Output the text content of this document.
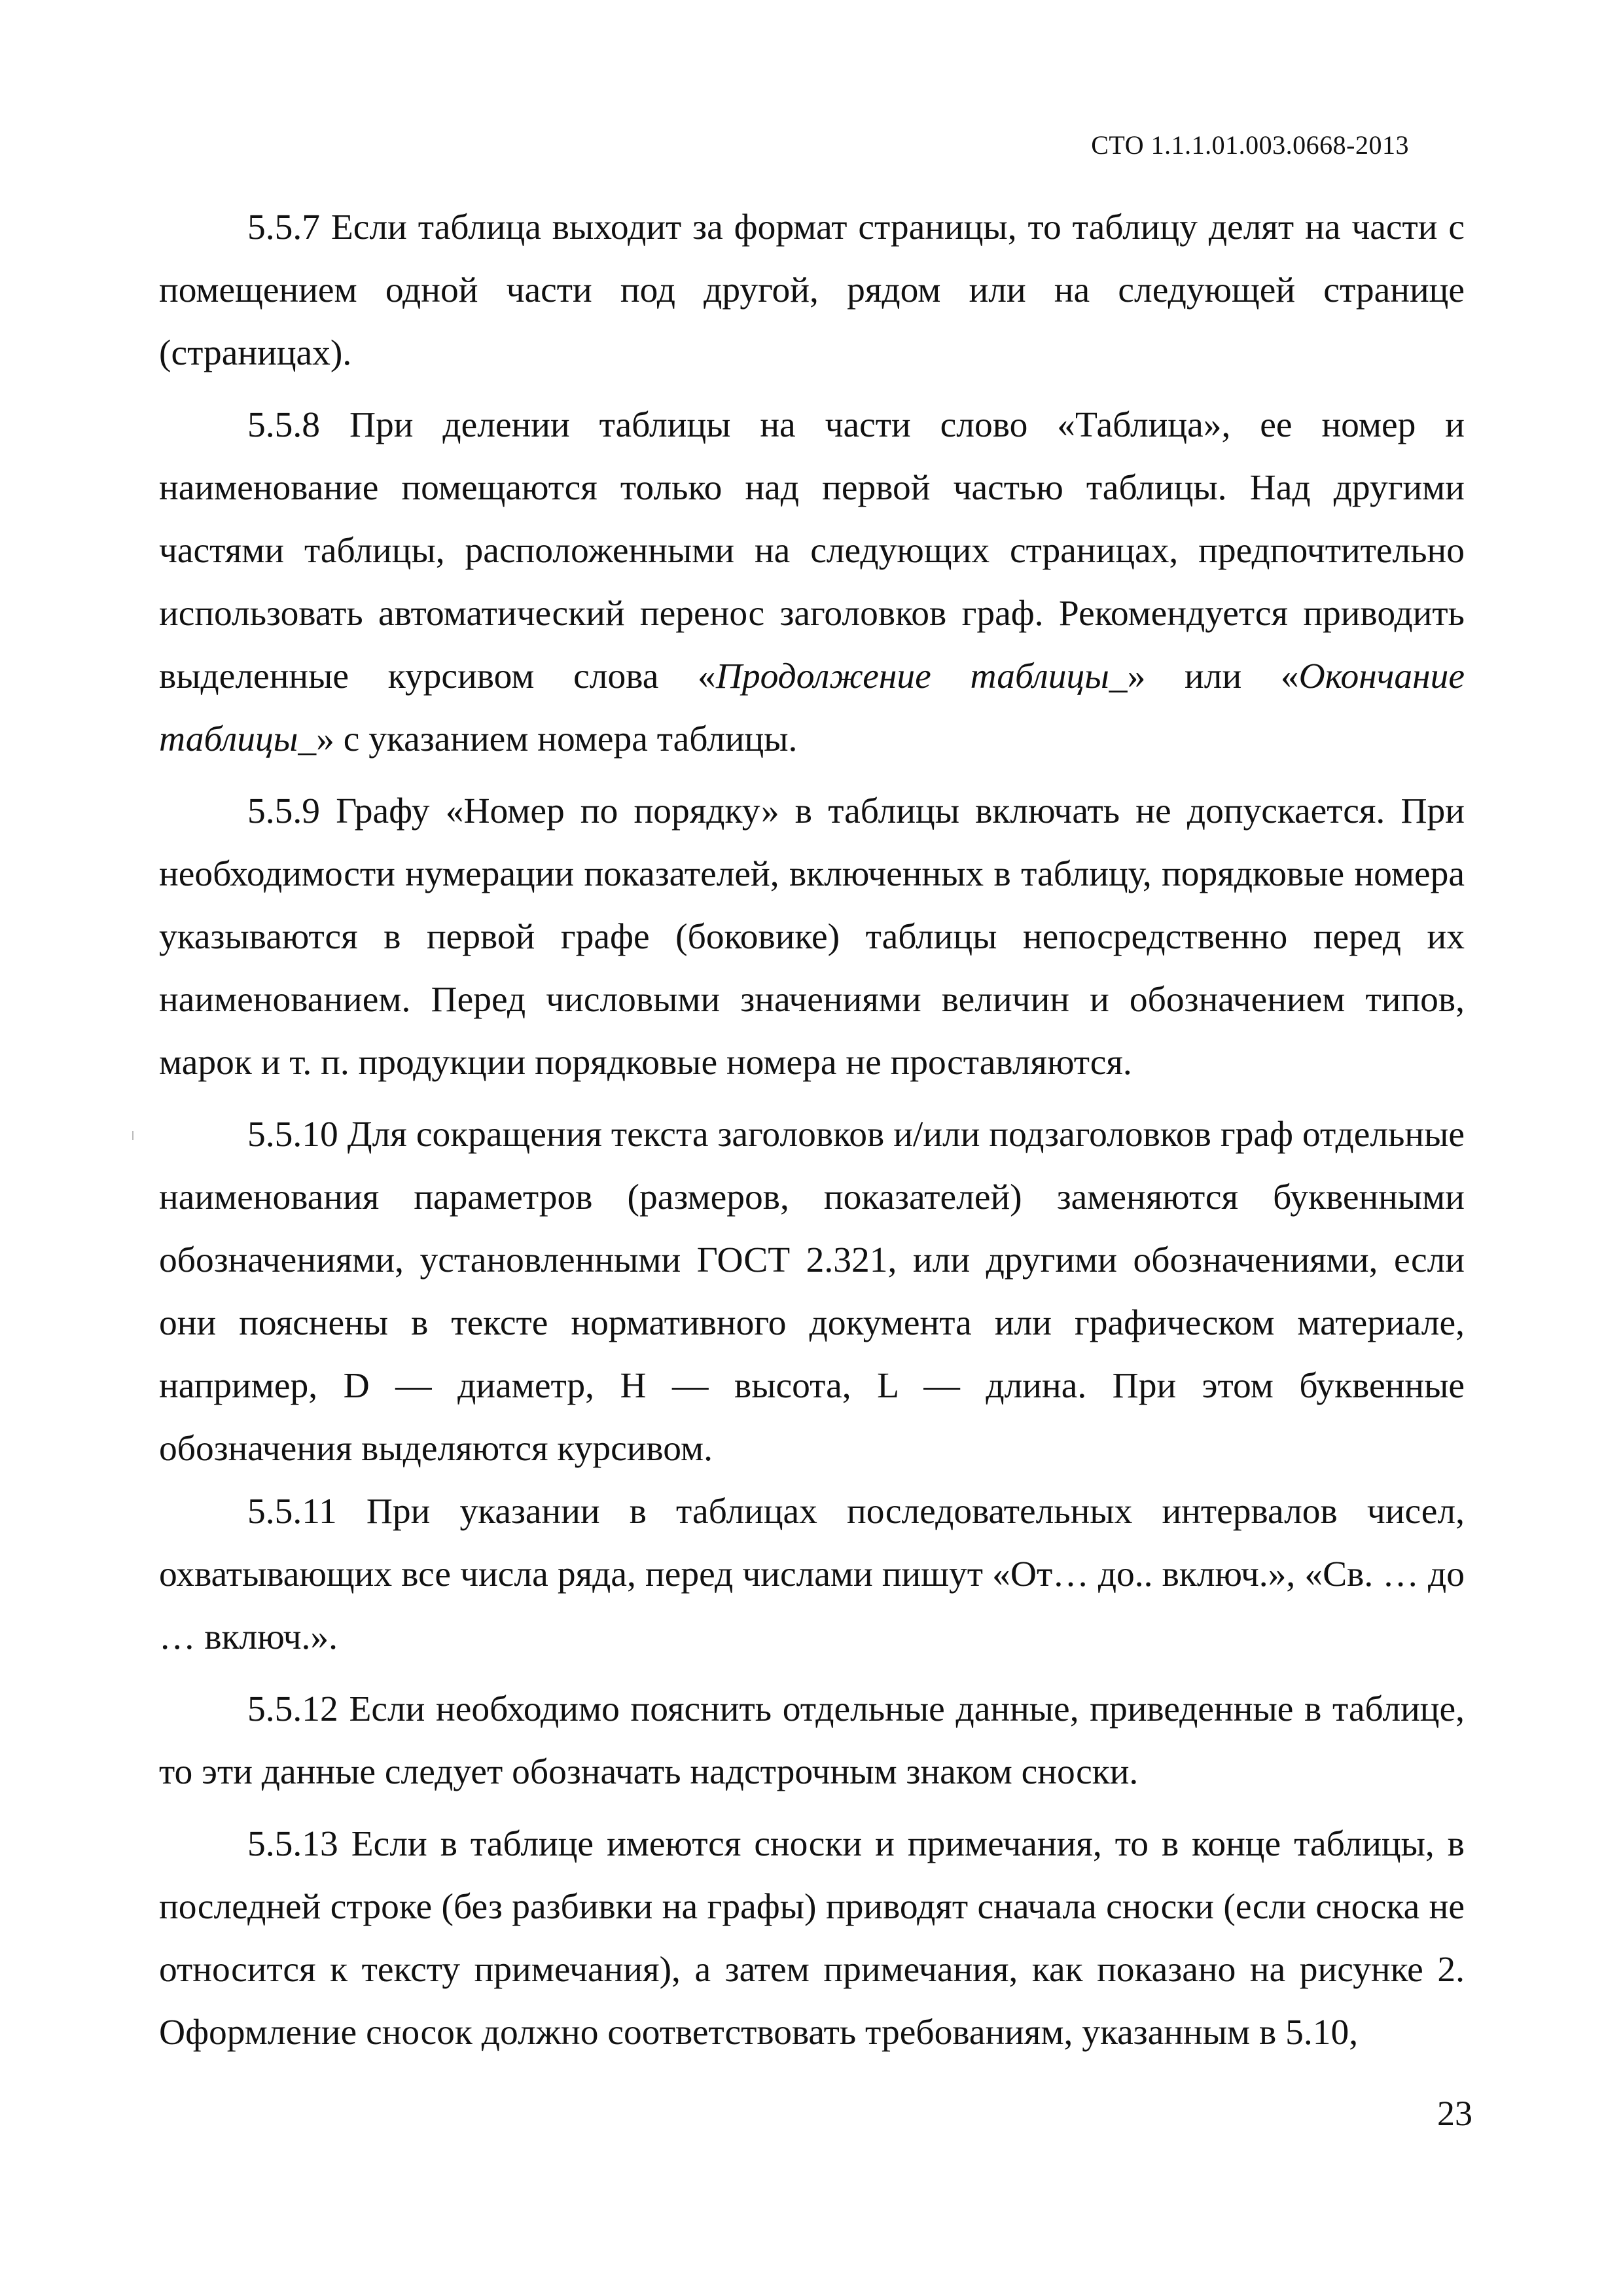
СТО 1.1.1.01.003.0668-2013

5.5.7 Если таблица выходит за формат страницы, то таблицу делят на части с помещением одной части под другой, рядом или на следующей странице (страницах).

5.5.8 При делении таблицы на части слово «Таблица», ее номер и наименование помещаются только над первой частью таблицы. Над другими частями таблицы, расположенными на следующих страницах, предпочтительно использовать автоматический перенос заголовков граф. Рекомендуется приводить выделенные курсивом слова «Продолжение таблицы_» или «Окончание таблицы_» с указанием номера таблицы.

5.5.9 Графу «Номер по порядку» в таблицы включать не допускается. При необходимости нумерации показателей, включенных в таблицу, порядковые номера указываются в первой графе (боковике) таблицы непосредственно перед их наименованием. Перед числовыми значениями величин и обозначением типов, марок и т. п. продукции порядковые номера не проставляются.

5.5.10 Для сокращения текста заголовков и/или подзаголовков граф отдельные наименования параметров (размеров, показателей) заменяются буквенными обозначениями, установленными ГОСТ 2.321, или другими обозначениями, если они пояснены в тексте нормативного документа или графическом материале, например, D — диаметр, H — высота, L — длина. При этом буквенные обозначения выделяются курсивом.

5.5.11 При указании в таблицах последовательных интервалов чисел, охватывающих все числа ряда, перед числами пишут «От… до.. включ.», «Св. … до … включ.».

5.5.12 Если необходимо пояснить отдельные данные, приведенные в таблице, то эти данные следует обозначать надстрочным знаком сноски.

5.5.13 Если в таблице имеются сноски и примечания, то в конце таблицы, в последней строке (без разбивки на графы) приводят сначала сноски (если сноска не относится к тексту примечания), а затем примечания, как показано на рисунке 2. Оформление сносок должно соответствовать требованиям, указанным в 5.10,

23
